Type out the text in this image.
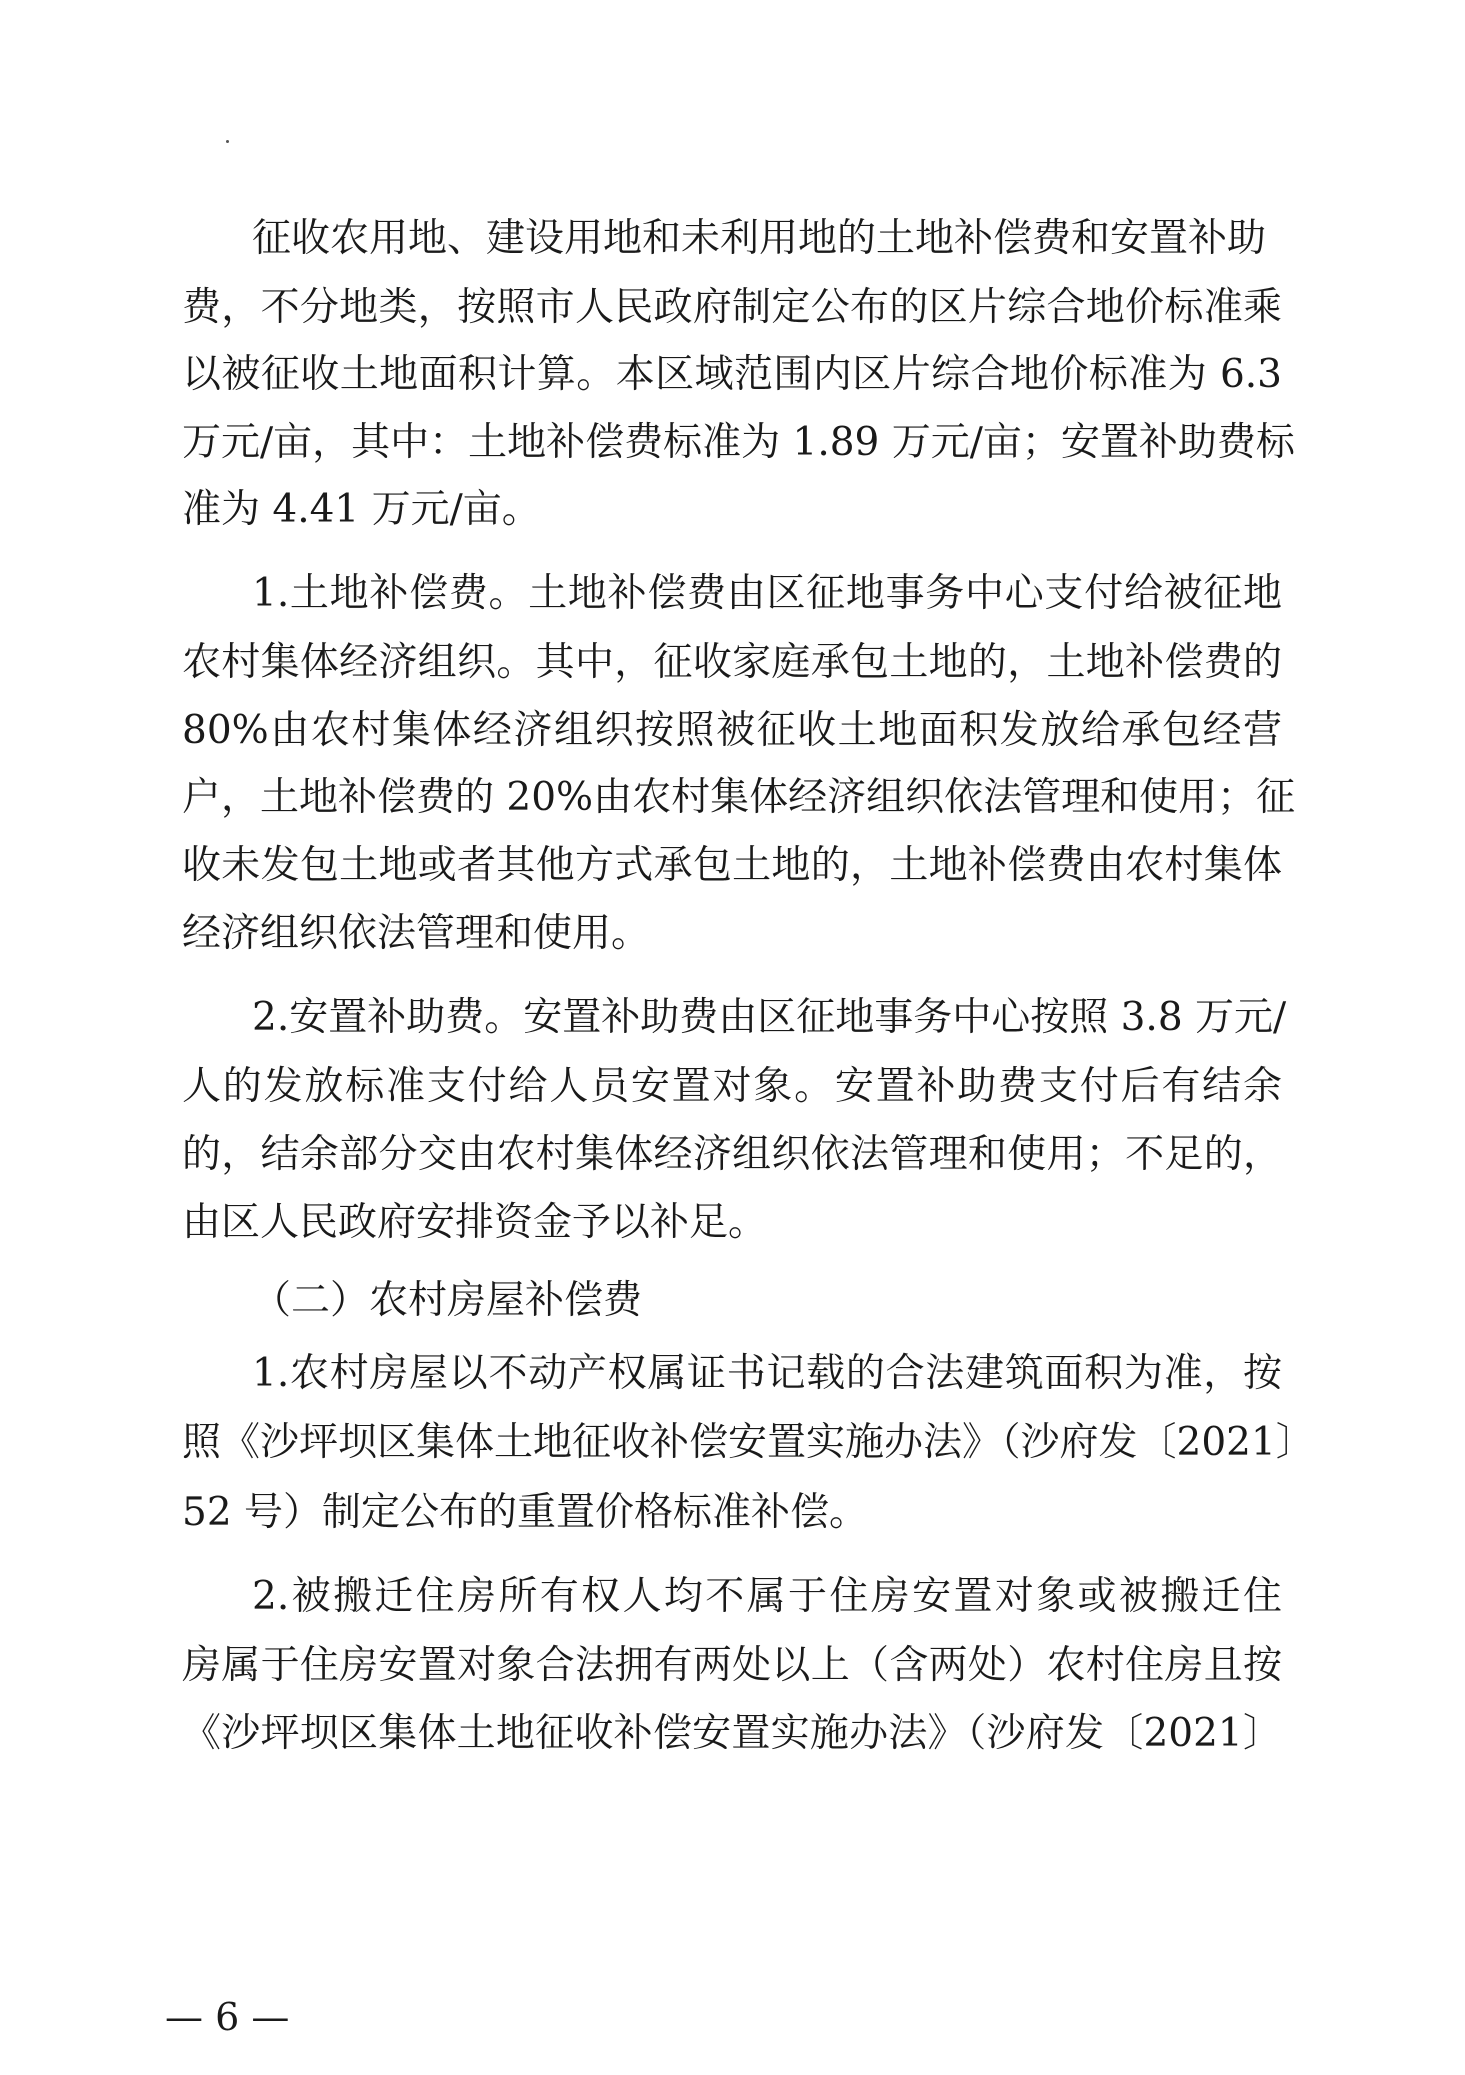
征收农用地、建设用地和未利用地的土地补偿费和安置补助
费，不分地类，按照市人民政府制定公布的区片综合地价标准乘
以被征收土地面积计算。本区域范围内区片综合地价标准为 6.3
万元/亩，其中：土地补偿费标准为 1.89 万元/亩；安置补助费标
准为 4.41 万元/亩。
1.土地补偿费。土地补偿费由区征地事务中心支付给被征地
农村集体经济组织。其中，征收家庭承包土地的，土地补偿费的
80%由农村集体经济组织按照被征收土地面积发放给承包经营
户，土地补偿费的 20%由农村集体经济组织依法管理和使用；征
收未发包土地或者其他方式承包土地的，土地补偿费由农村集体
经济组织依法管理和使用。
2.安置补助费。安置补助费由区征地事务中心按照 3.8 万元/
人的发放标准支付给人员安置对象。安置补助费支付后有结余
的，结余部分交由农村集体经济组织依法管理和使用；不足的，
由区人民政府安排资金予以补足。
（二）农村房屋补偿费
1.农村房屋以不动产权属证书记载的合法建筑面积为准，按
照《沙坪坝区集体土地征收补偿安置实施办法》（沙府发〔2021〕
52 号）制定公布的重置价格标准补偿。
2.被搬迁住房所有权人均不属于住房安置对象或被搬迁住
房属于住房安置对象合法拥有两处以上（含两处）农村住房且按
《沙坪坝区集体土地征收补偿安置实施办法》（沙府发〔2021〕
— 6 —
